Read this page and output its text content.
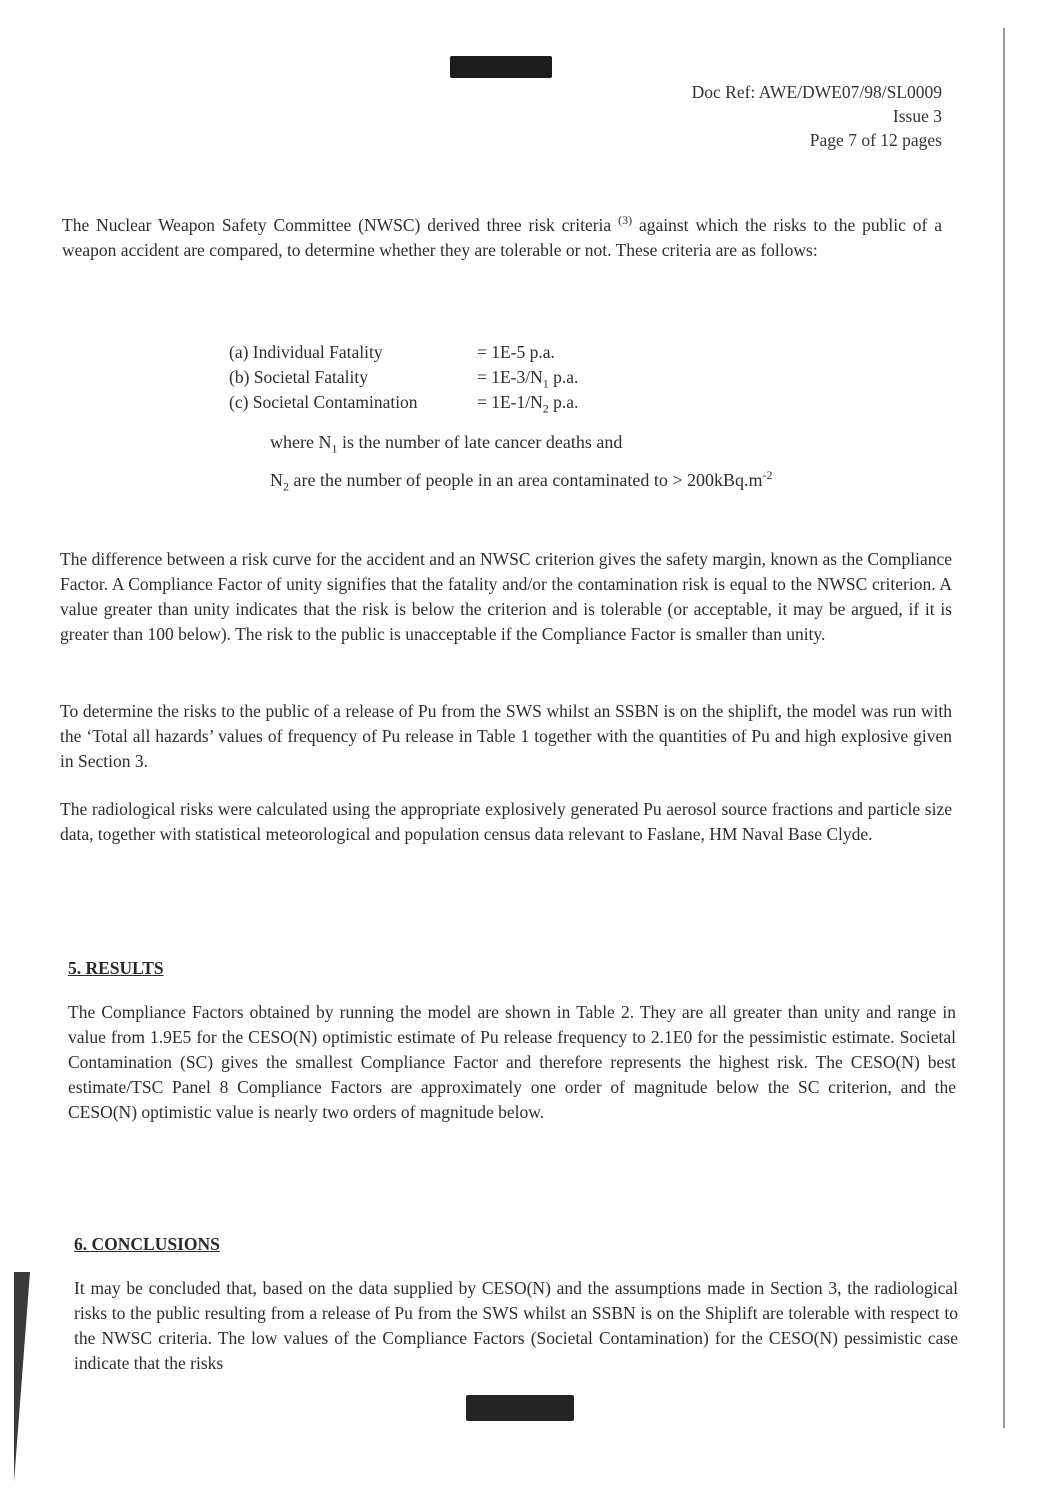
Doc Ref: AWE/DWE07/98/SL0009
Issue 3
Page 7 of 12 pages
The Nuclear Weapon Safety Committee (NWSC) derived three risk criteria $^{(3)}$ against which the risks to the public of a weapon accident are compared, to determine whether they are tolerable or not. These criteria are as follows:
(a) Individual Fatality	= 1E-5 p.a.
(b) Societal Fatality	= $1E-3/N_1$ p.a.
(c) Societal Contamination	= $1E-1/N_2$ p.a.
where $N_1$ is the number of late cancer deaths and
$N_2$ are the number of people in an area contaminated to > $200kBq.m^{-2}$
The difference between a risk curve for the accident and an NWSC criterion gives the safety margin, known as the Compliance Factor. A Compliance Factor of unity signifies that the fatality and/or the contamination risk is equal to the NWSC criterion. A value greater than unity indicates that the risk is below the criterion and is tolerable (or acceptable, it may be argued, if it is greater than 100 below). The risk to the public is unacceptable if the Compliance Factor is smaller than unity.
To determine the risks to the public of a release of Pu from the SWS whilst an SSBN is on the shiplift, the model was run with the ‘Total all hazards’ values of frequency of Pu release in Table 1 together with the quantities of Pu and high explosive given in Section 3.
The radiological risks were calculated using the appropriate explosively generated Pu aerosol source fractions and particle size data, together with statistical meteorological and population census data relevant to Faslane, HM Naval Base Clyde.
5. RESULTS
The Compliance Factors obtained by running the model are shown in Table 2. They are all greater than unity and range in value from 1.9E5 for the CESO(N) optimistic estimate of Pu release frequency to 2.1E0 for the pessimistic estimate. Societal Contamination (SC) gives the smallest Compliance Factor and therefore represents the highest risk. The CESO(N) best estimate/TSC Panel 8 Compliance Factors are approximately one order of magnitude below the SC criterion, and the CESO(N) optimistic value is nearly two orders of magnitude below.
6. CONCLUSIONS
It may be concluded that, based on the data supplied by CESO(N) and the assumptions made in Section 3, the radiological risks to the public resulting from a release of Pu from the SWS whilst an SSBN is on the Shiplift are tolerable with respect to the NWSC criteria. The low values of the Compliance Factors (Societal Contamination) for the CESO(N) pessimistic case indicate that the risks
